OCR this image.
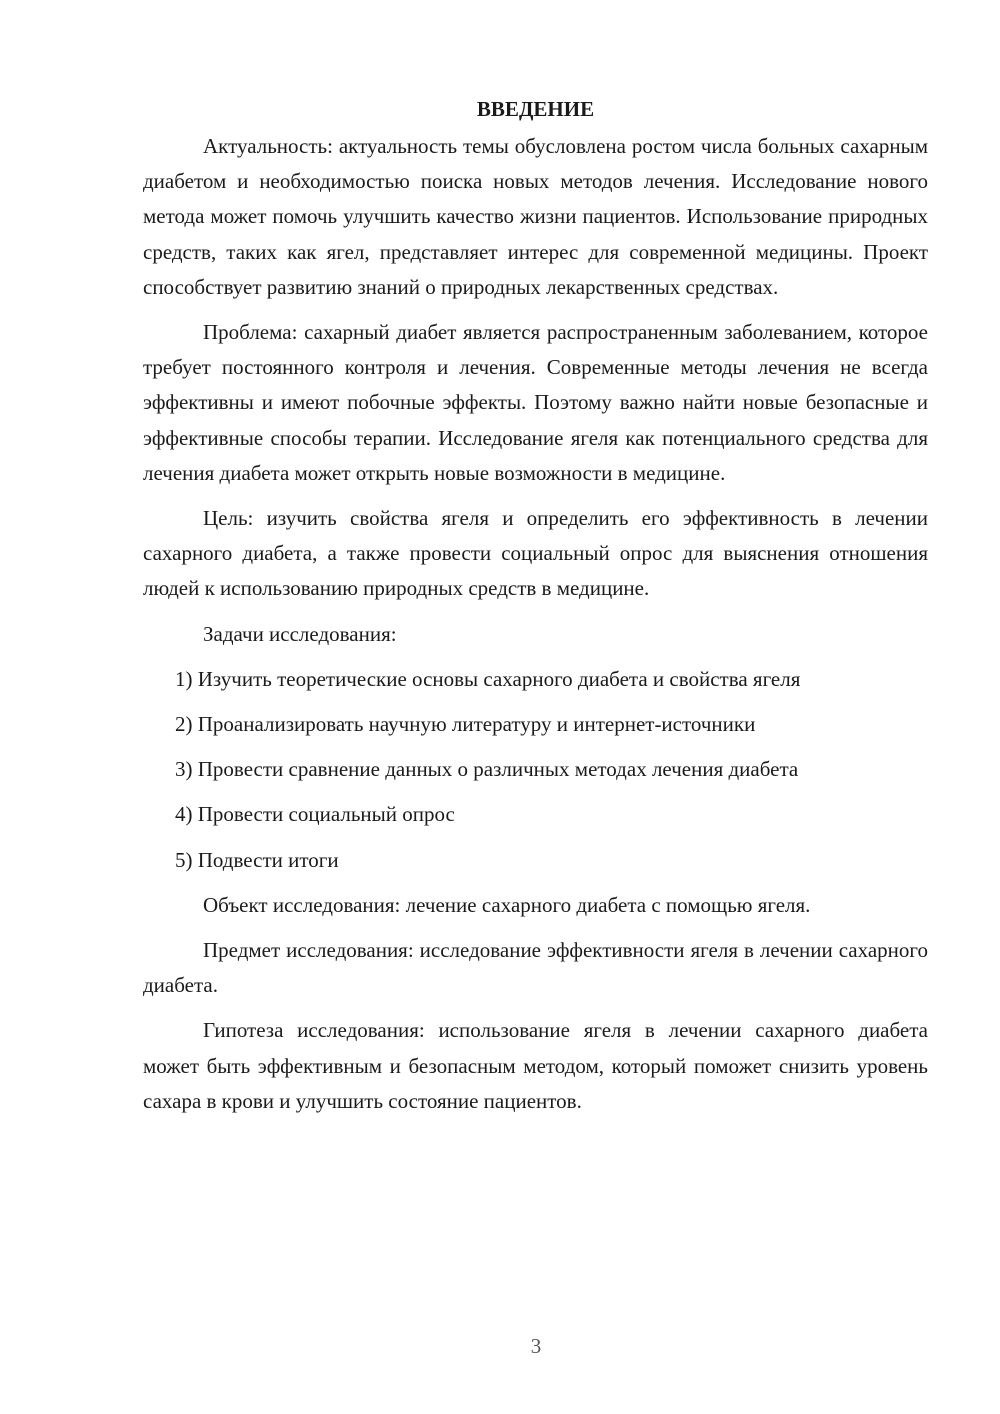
ВВЕДЕНИЕ

Актуальность: актуальность темы обусловлена ростом числа больных сахарным диабетом и необходимостью поиска новых методов лечения. Исследование нового метода может помочь улучшить качество жизни пациентов. Использование природных средств, таких как ягел, представляет интерес для современной медицины. Проект способствует развитию знаний о природных лекарственных средствах.

Проблема: сахарный диабет является распространенным заболеванием, которое требует постоянного контроля и лечения. Современные методы лечения не всегда эффективны и имеют побочные эффекты. Поэтому важно найти новые безопасные и эффективные способы терапии. Исследование ягеля как потенциального средства для лечения диабета может открыть новые возможности в медицине.

Цель: изучить свойства ягеля и определить его эффективность в лечении сахарного диабета, а также провести социальный опрос для выяснения отношения людей к использованию природных средств в медицине.

Задачи исследования:

1) Изучить теоретические основы сахарного диабета и свойства ягеля
2) Проанализировать научную литературу и интернет-источники
3) Провести сравнение данных о различных методах лечения диабета
4) Провести социальный опрос
5) Подвести итоги

Объект исследования: лечение сахарного диабета с помощью ягеля.

Предмет исследования: исследование эффективности ягеля в лечении сахарного диабета.

Гипотеза исследования: использование ягеля в лечении сахарного диабета может быть эффективным и безопасным методом, который поможет снизить уровень сахара в крови и улучшить состояние пациентов.

3
